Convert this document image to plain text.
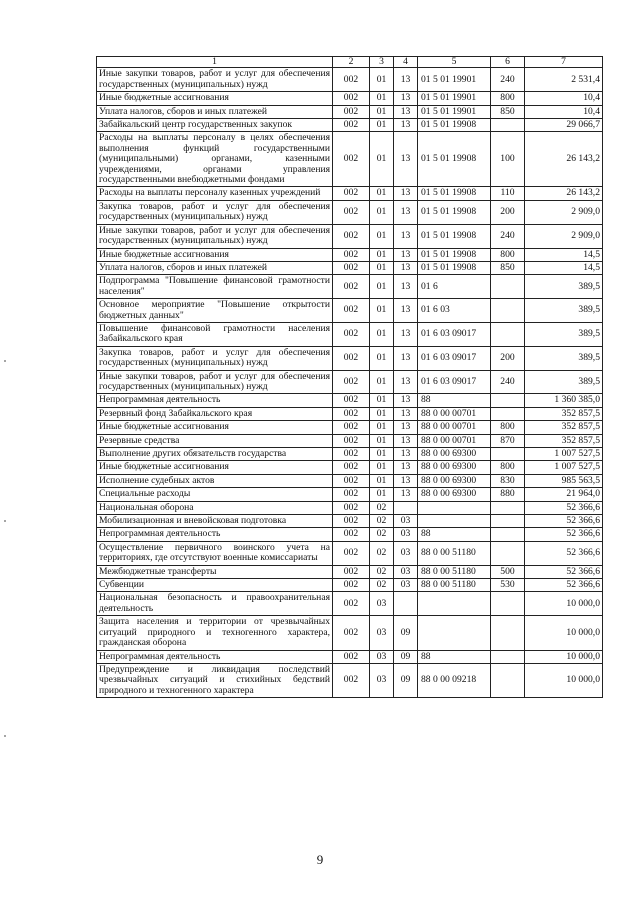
1	2	3	4	5	6	7
Иные закупки товаров, работ и услуг для обеспечения государственных (муниципальных) нужд	002	01	13	01 5 01 19901	240	2 531,4
Иные бюджетные ассигнования	002	01	13	01 5 01 19901	800	10,4
Уплата налогов, сборов и иных платежей	002	01	13	01 5 01 19901	850	10,4
Забайкальский центр государственных закупок	002	01	13	01 5 01 19908		29 066,7
Расходы на выплаты персоналу в целях обеспечения выполнения функций государственными (муниципальными) органами, казенными учреждениями, органами управления государственными внебюджетными фондами	002	01	13	01 5 01 19908	100	26 143,2
Расходы на выплаты персоналу казенных учреждений	002	01	13	01 5 01 19908	110	26 143,2
Закупка товаров, работ и услуг для обеспечения государственных (муниципальных) нужд	002	01	13	01 5 01 19908	200	2 909,0
Иные закупки товаров, работ и услуг для обеспечения государственных (муниципальных) нужд	002	01	13	01 5 01 19908	240	2 909,0
Иные бюджетные ассигнования	002	01	13	01 5 01 19908	800	14,5
Уплата налогов, сборов и иных платежей	002	01	13	01 5 01 19908	850	14,5
Подпрограмма "Повышение финансовой грамотности населения"	002	01	13	01 6		389,5
Основное мероприятие "Повышение открытости бюджетных данных"	002	01	13	01 6 03		389,5
Повышение финансовой грамотности населения Забайкальского края	002	01	13	01 6 03 09017		389,5
Закупка товаров, работ и услуг для обеспечения государственных (муниципальных) нужд	002	01	13	01 6 03 09017	200	389,5
Иные закупки товаров, работ и услуг для обеспечения государственных (муниципальных) нужд	002	01	13	01 6 03 09017	240	389,5
Непрограммная деятельность	002	01	13	88		1 360 385,0
Резервный фонд Забайкальского края	002	01	13	88 0 00 00701		352 857,5
Иные бюджетные ассигнования	002	01	13	88 0 00 00701	800	352 857,5
Резервные средства	002	01	13	88 0 00 00701	870	352 857,5
Выполнение других обязательств государства	002	01	13	88 0 00 69300		1 007 527,5
Иные бюджетные ассигнования	002	01	13	88 0 00 69300	800	1 007 527,5
Исполнение судебных актов	002	01	13	88 0 00 69300	830	985 563,5
Специальные расходы	002	01	13	88 0 00 69300	880	21 964,0
Национальная оборона	002	02				52 366,6
Мобилизационная и вневойсковая подготовка	002	02	03			52 366,6
Непрограммная деятельность	002	02	03	88		52 366,6
Осуществление первичного воинского учета на территориях, где отсутствуют военные комиссариаты	002	02	03	88 0 00 51180		52 366,6
Межбюджетные трансферты	002	02	03	88 0 00 51180	500	52 366,6
Субвенции	002	02	03	88 0 00 51180	530	52 366,6
Национальная безопасность и правоохранительная деятельность	002	03				10 000,0
Защита населения и территории от чрезвычайных ситуаций природного и техногенного характера, гражданская оборона	002	03	09			10 000,0
Непрограммная деятельность	002	03	09	88		10 000,0
Предупреждение и ликвидация последствий чрезвычайных ситуаций и стихийных бедствий природного и техногенного характера	002	03	09	88 0 00 09218		10 000,0
9
